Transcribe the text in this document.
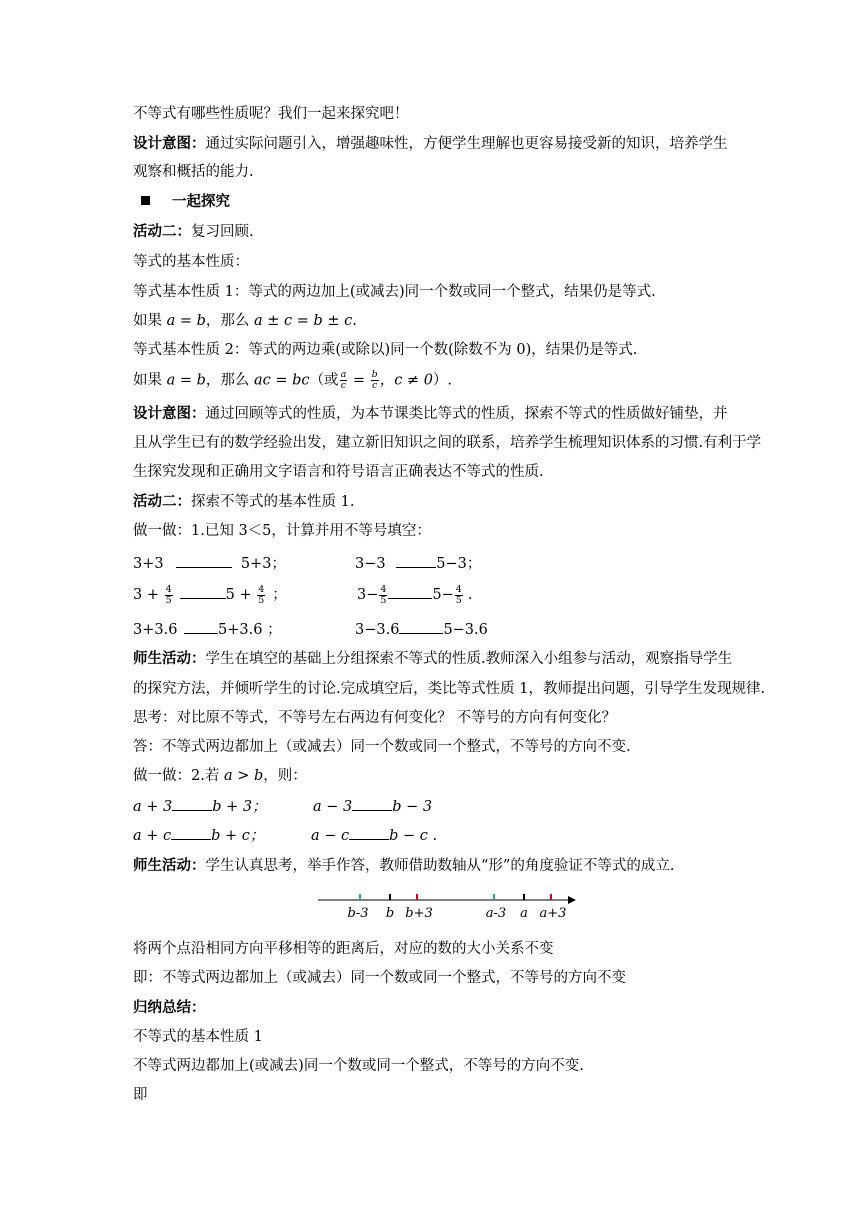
不等式有哪些性质呢？我们一起来探究吧！
设计意图：通过实际问题引入，增强趣味性，方便学生理解也更容易接受新的知识，培养学生
观察和概括的能力.
一起探究
活动二：复习回顾.
等式的基本性质：
等式基本性质 1：等式的两边加上(或减去)同一个数或同一个整式，结果仍是等式.
如果 a = b，那么 a ± c = b ± c.
等式基本性质 2：等式的两边乘(或除以)同一个数(除数不为 0)，结果仍是等式.
如果 a = b，那么 ac = bc（或 $\frac{a}{c} = \frac{b}{c}$ ，c ≠ 0）.
设计意图：通过回顾等式的性质，为本节课类比等式的性质，探索不等式的性质做好铺垫，并
且从学生已有的数学经验出发，建立新旧知识之间的联系，培养学生梳理知识体系的习惯.有利于学
生探究发现和正确用文字语言和符号语言正确表达不等式的性质.
活动二：探索不等式的基本性质 1.
做一做：1.已知 3＜5，计算并用不等号填空：
3+3	5+3；	3−3	5−3；
$3 + \frac{4}{5}$	$5 + \frac{4}{5}$ ；	$3- \frac{4}{5}$	$5- \frac{4}{5}$ .
3+3.6	5+3.6 ；	3−3.6	5−3.6
师生活动：学生在填空的基础上分组探索不等式的性质.教师深入小组参与活动，观察指导学生
的探究方法，并倾听学生的讨论.完成填空后，类比等式性质 1，教师提出问题，引导学生发现规律.
思考：对比原不等式，不等号左右两边有何变化？ 不等号的方向有何变化？
答：不等式两边都加上（或减去）同一个数或同一个整式，不等号的方向不变.
做一做：2.若 a > b，则：
a + 3	b + 3；	a − 3	b − 3
a + c	b + c；	a − c	b − c .
师生活动：学生认真思考，举手作答，教师借助数轴从“形”的角度验证不等式的成立.
b-3 b b+3	a-3 a a+3
将两个点沿相同方向平移相等的距离后，对应的数的大小关系不变
即：不等式两边都加上（或减去）同一个数或同一个整式，不等号的方向不变
归纳总结：
不等式的基本性质 1
不等式两边都加上(或减去)同一个数或同一个整式，不等号的方向不变.
即
